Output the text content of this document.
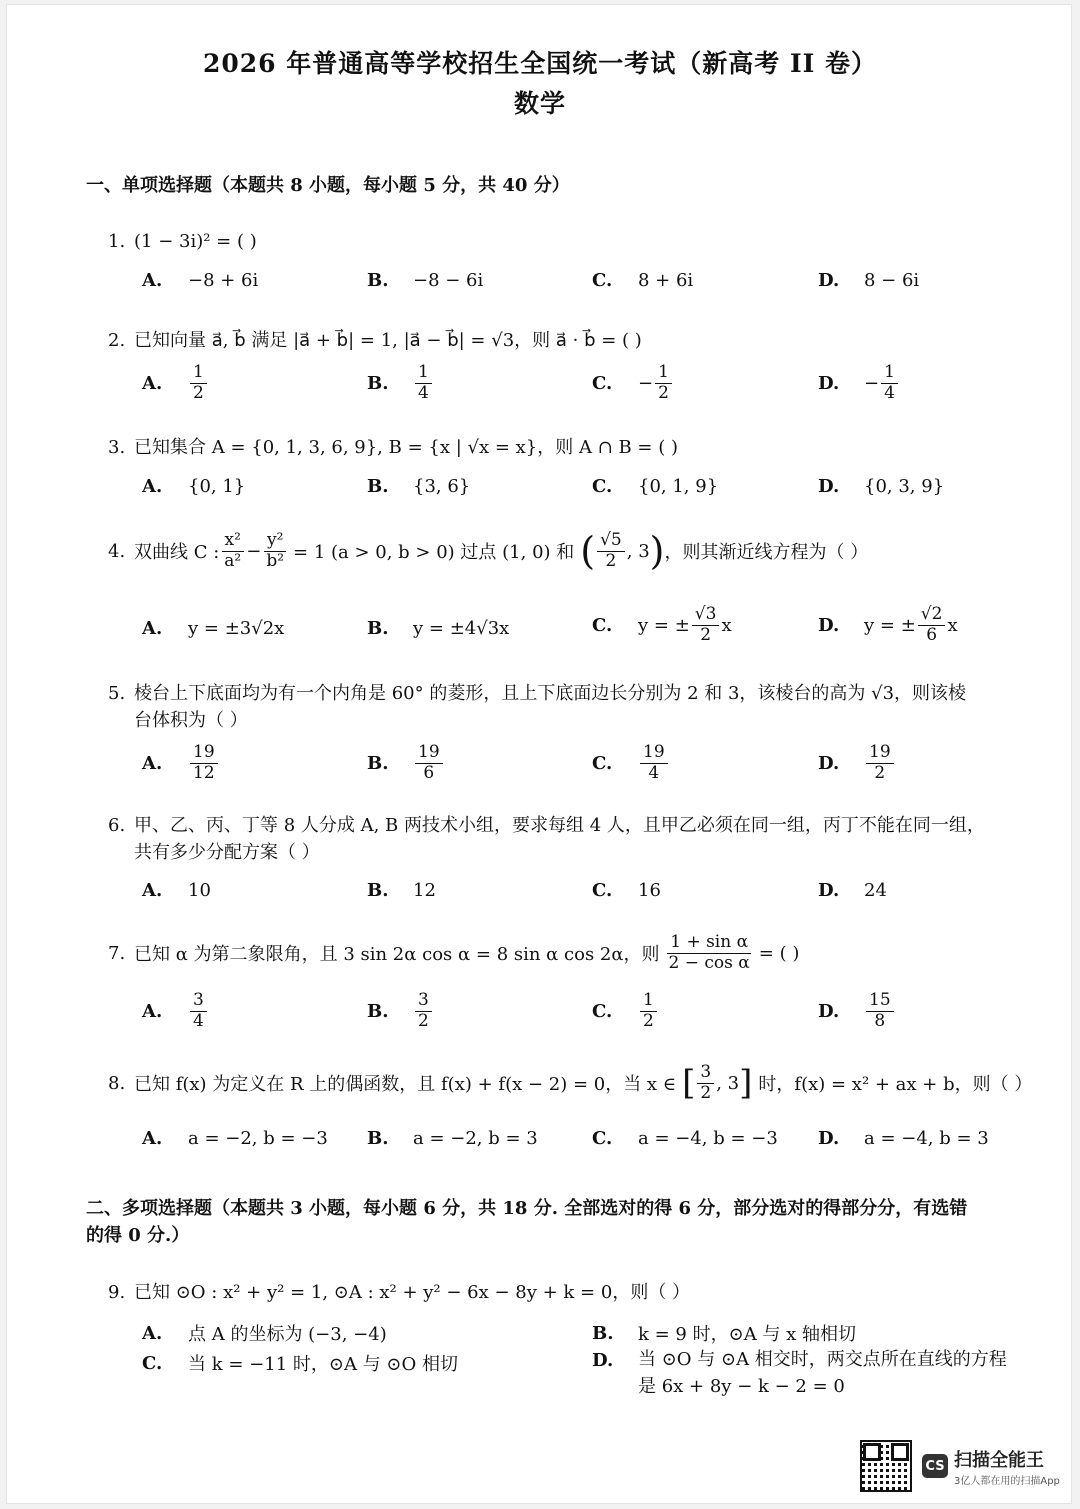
2026 年普通高等学校招生全国统一考试（新高考 II 卷）
数学
一、单项选择题（本题共 8 小题，每小题 5 分，共 40 分）
1. (1 − 3i)² = ( )
A.	−8 + 6i	B.	−8 − 6i	C.	8 + 6i	D.	8 − 6i
2. 已知向量 a⃗, b⃗ 满足 |a⃗ + b⃗| = 1, |a⃗ − b⃗| = √3，则 a⃗ · b⃗ = ( )
A.	$\frac{1}{2}$	B.	$\frac{1}{4}$	C.	− $\frac{1}{2}$	D.	− $\frac{1}{4}$
3. 已知集合 A = {0, 1, 3, 6, 9}, B = {x | √x = x}，则 A ∩ B = ( )
A.	{0, 1}	B.	{3, 6}	C.	{0, 1, 9}	D.	{0, 3, 9}
4. 双曲线 C : $\frac{\text{x²}}{\text{a²}} - \frac{\text{y²}}{\text{b²}} = 1$ (a > 0, b > 0) 过点 (1, 0) 和 ( $\frac{√5}{2}$ , 3 ) ，则其渐近线方程为（ ）
A.	y = ±3√2x	B.	y = ±4√3x	C.	y = ± $\frac{√3}{2}$ x	D.	y = ± $\frac{√2}{6}$ x
5. 棱台上下底面均为有一个内角是 60° 的菱形，且上下底面边长分别为 2 和 3，该棱台的高为 √3，则该棱
台体积为（ ）
A.	$\frac{19}{12}$	B.	$\frac{19}{6}$	C.	$\frac{19}{4}$	D.	$\frac{19}{2}$
6. 甲、乙、丙、丁等 8 人分成 A, B 两技术小组，要求每组 4 人，且甲乙必须在同一组，丙丁不能在同一组，
共有多少分配方案（ ）
A.	10	B.	12	C.	16	D.	24
7. 已知 α 为第二象限角，且 3 sin 2α cos α = 8 sin α cos 2α，则 $\frac{\text{1 + sin α}}{\text{2 − cos α}}$ = ( )
A.	$\frac{3}{4}$	B.	$\frac{3}{2}$	C.	$\frac{1}{2}$	D.	$\frac{15}{8}$
8. 已知 f(x) 为定义在 R 上的偶函数，且 f(x) + f(x − 2) = 0，当 x ∈ [ $\frac{3}{2}$ , 3 ] 时，f(x) = x² + ax + b，则（ ）
A.	a = −2, b = −3 B.	a = −2, b = 3	C.	a = −4, b = −3 D.	a = −4, b = 3
二、多项选择题（本题共 3 小题，每小题 6 分，共 18 分. 全部选对的得 6 分，部分选对的得部分分，有选错
的得 0 分.）
9. 已知 ⊙O : x² + y² = 1, ⊙A : x² + y² − 6x − 8y + k = 0，则（ ）
A.	点 A 的坐标为 (−3, −4)	B.	k = 9 时，⊙A 与 x 轴相切
C.	当 k = −11 时，⊙A 与 ⊙O 相切	D.	当 ⊙O 与 ⊙A 相交时，两交点所在直线的方程
是 6x + 8y − k − 2 = 0
CS 扫描全能王
3亿人都在用的扫描App
